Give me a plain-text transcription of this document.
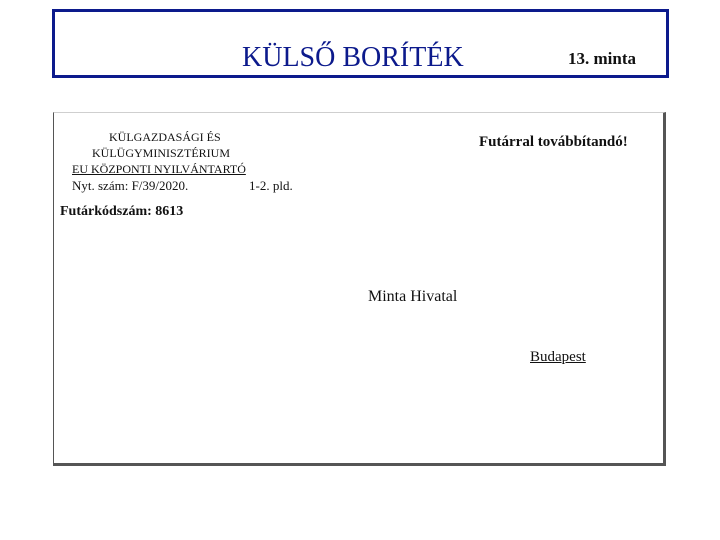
KÜLSŐ BORÍTÉK	13. minta
KÜLGAZDASÁGI ÉS
KÜLÜGYMINISZTÉRIUM
EU KÖZPONTI NYILVÁNTARTÓ
Nyt. szám: F/39/2020.	1-2. pld.
Futárral továbbítandó!
Futárkódszám: 8613
Minta Hivatal
Budapest
